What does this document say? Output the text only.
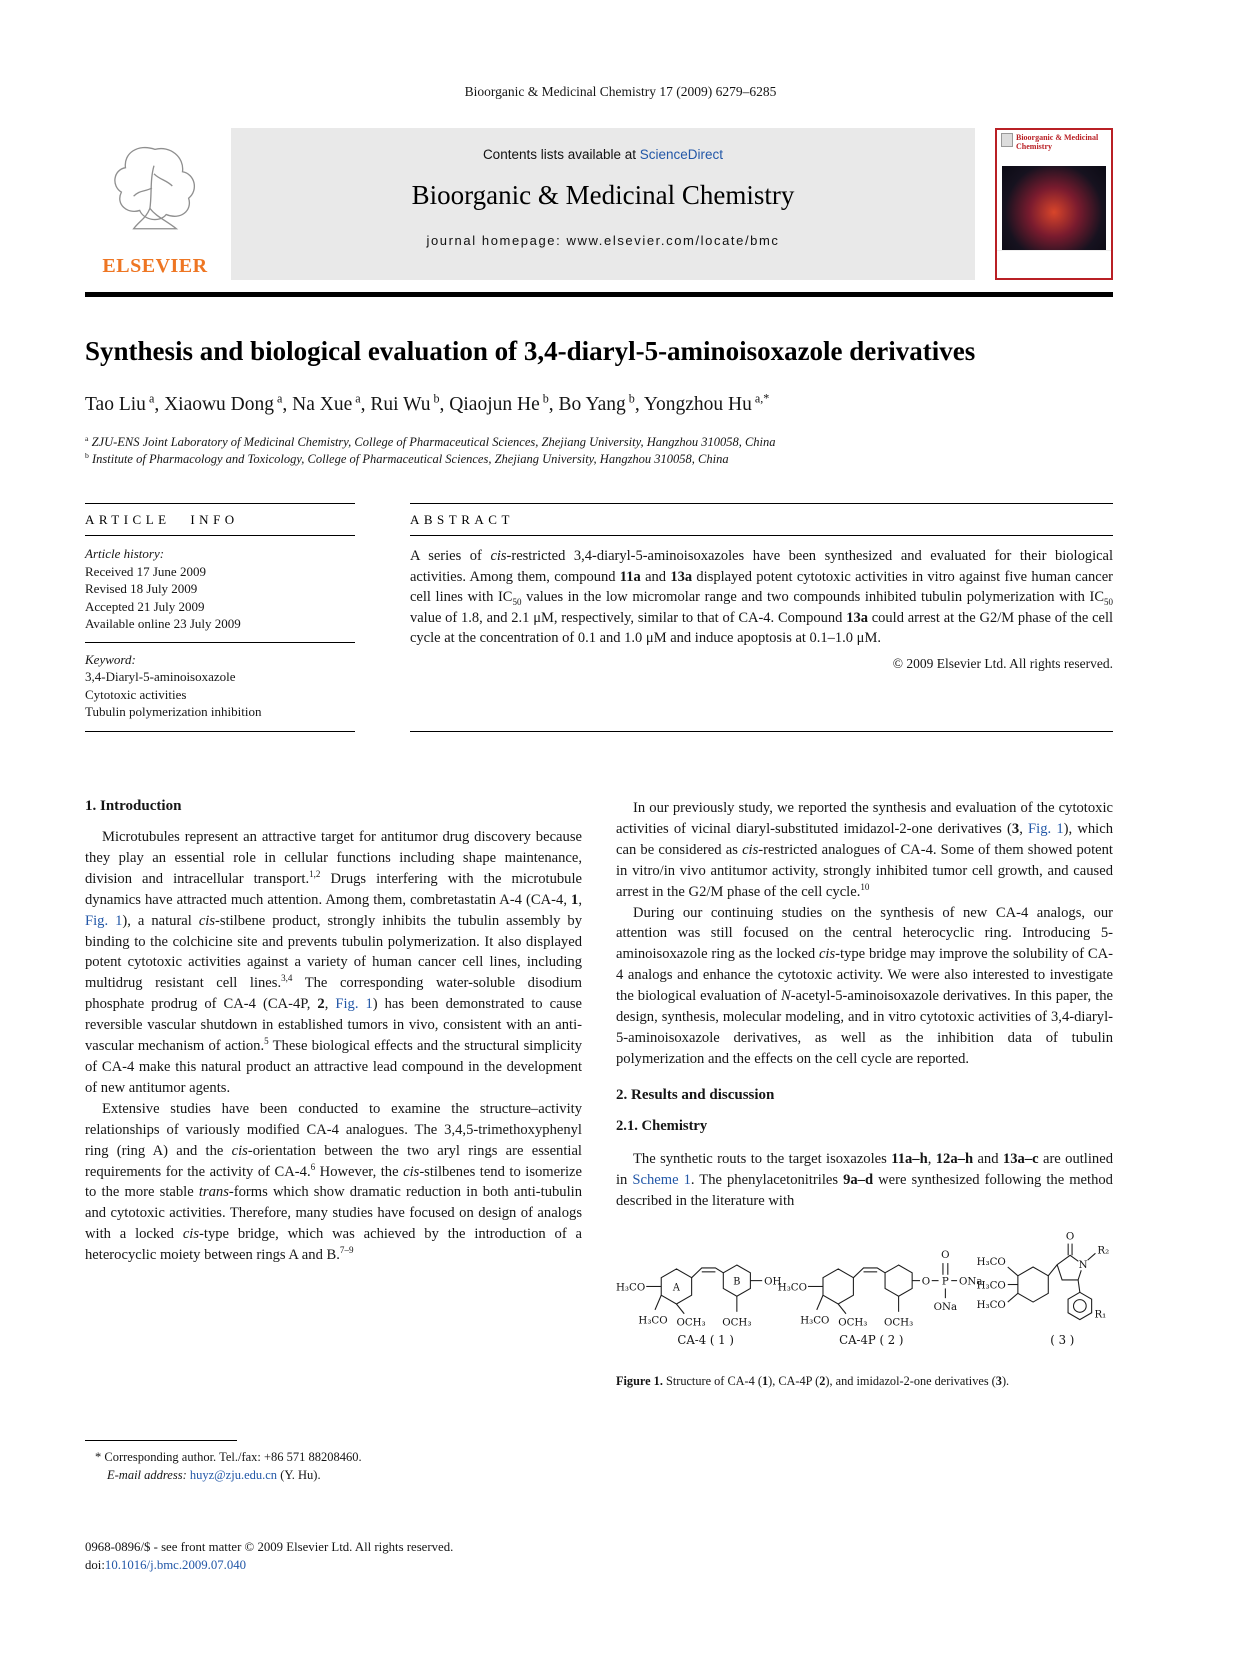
Bioorganic & Medicinal Chemistry 17 (2009) 6279–6285
ELSEVIER
Contents lists available at ScienceDirect
Bioorganic & Medicinal Chemistry
journal homepage: www.elsevier.com/locate/bmc
Bioorganic & Medicinal Chemistry
Synthesis and biological evaluation of 3,4-diaryl-5-aminoisoxazole derivatives
Tao Liu $^a$, Xiaowu Dong $^a$, Na Xue $^a$, Rui Wu $^b$, Qiaojun He $^b$, Bo Yang $^b$, Yongzhou Hu $^{a,*}$
$^a$ ZJU-ENS Joint Laboratory of Medicinal Chemistry, College of Pharmaceutical Sciences, Zhejiang University, Hangzhou 310058, China
$^b$ Institute of Pharmacology and Toxicology, College of Pharmaceutical Sciences, Zhejiang University, Hangzhou 310058, China
ARTICLE INFO
Article history:
Received 17 June 2009
Revised 18 July 2009
Accepted 21 July 2009
Available online 23 July 2009
Keyword:
3,4-Diaryl-5-aminoisoxazole
Cytotoxic activities
Tubulin polymerization inhibition
ABSTRACT
A series of cis-restricted 3,4-diaryl-5-aminoisoxazoles have been synthesized and evaluated for their biological activities. Among them, compound 11a and 13a displayed potent cytotoxic activities in vitro against five human cancer cell lines with $IC_{50}$ values in the low micromolar range and two compounds inhibited tubulin polymerization with $IC_{50}$ value of 1.8, and 2.1 μM, respectively, similar to that of CA-4. Compound 13a could arrest at the G2/M phase of the cell cycle at the concentration of 0.1 and 1.0 μM and induce apoptosis at 0.1–1.0 μM.
© 2009 Elsevier Ltd. All rights reserved.
1. Introduction

Microtubules represent an attractive target for antitumor drug discovery because they play an essential role in cellular functions including shape maintenance, division and intracellular transport.$^{1,2}$ Drugs interfering with the microtubule dynamics have attracted much attention. Among them, combretastatin A-4 (CA-4, 1, Fig. 1), a natural cis-stilbene product, strongly inhibits the tubulin assembly by binding to the colchicine site and prevents tubulin polymerization. It also displayed potent cytotoxic activities against a variety of human cancer cell lines, including multidrug resistant cell lines.$^{3,4}$ The corresponding water-soluble disodium phosphate prodrug of CA-4 (CA-4P, 2, Fig. 1) has been demonstrated to cause reversible vascular shutdown in established tumors in vivo, consistent with an anti-vascular mechanism of action.$^5$ These biological effects and the structural simplicity of CA-4 make this natural product an attractive lead compound in the development of new antitumor agents.

Extensive studies have been conducted to examine the structure–activity relationships of variously modified CA-4 analogues. The 3,4,5-trimethoxyphenyl ring (ring A) and the cis-orientation between the two aryl rings are essential requirements for the activity of CA-4.$^6$ However, the cis-stilbenes tend to isomerize to the more stable trans-forms which show dramatic reduction in both anti-tubulin and cytotoxic activities. Therefore, many studies have focused on design of analogs with a locked cis-type bridge, which was achieved by the introduction of a heterocyclic moiety between rings A and B.$^{7-9}$

In our previously study, we reported the synthesis and evaluation of the cytotoxic activities of vicinal diaryl-substituted imidazol-2-one derivatives (3, Fig. 1), which can be considered as cis-restricted analogues of CA-4. Some of them showed potent in vitro/in vivo antitumor activity, strongly inhibited tumor cell growth, and caused arrest in the G2/M phase of the cell cycle.$^{10}$

During our continuing studies on the synthesis of new CA-4 analogs, our attention was still focused on the central heterocyclic ring. Introducing 5-aminoisoxazole ring as the locked cis-type bridge may improve the solubility of CA-4 analogs and enhance the cytotoxic activity. We were also interested to investigate the biological evaluation of N-acetyl-5-aminoisoxazole derivatives. In this paper, the design, synthesis, molecular modeling, and in vitro cytotoxic activities of 3,4-diaryl-5-aminoisoxazole derivatives, as well as the inhibition data of tubulin polymerization and the effects on the cell cycle are reported.

2. Results and discussion
2.1. Chemistry

The synthetic routs to the target isoxazoles 11a–h, 12a–h and 13a–c are outlined in Scheme 1. The phenylacetonitriles 9a–d were synthesized following the method described in the literature with

H₃CO	A
B OH
H₃CO OCH₃ OCH₃
CA-4 ( 1 )
H₃CO
H₃CO OCH₃ OCH₃
O P
O
ONa
ONa
CA-4P ( 2 )
H₃CO
H₃CO
H₃CO
O
N
R₂
R₁
( 3 )
Figure 1. Structure of CA-4 (1), CA-4P (2), and imidazol-2-one derivatives (3).
* Corresponding author. Tel./fax: +86 571 88208460.
E-mail address: huyz@zju.edu.cn (Y. Hu).
0968-0896/$ - see front matter © 2009 Elsevier Ltd. All rights reserved.
doi:10.1016/j.bmc.2009.07.040
